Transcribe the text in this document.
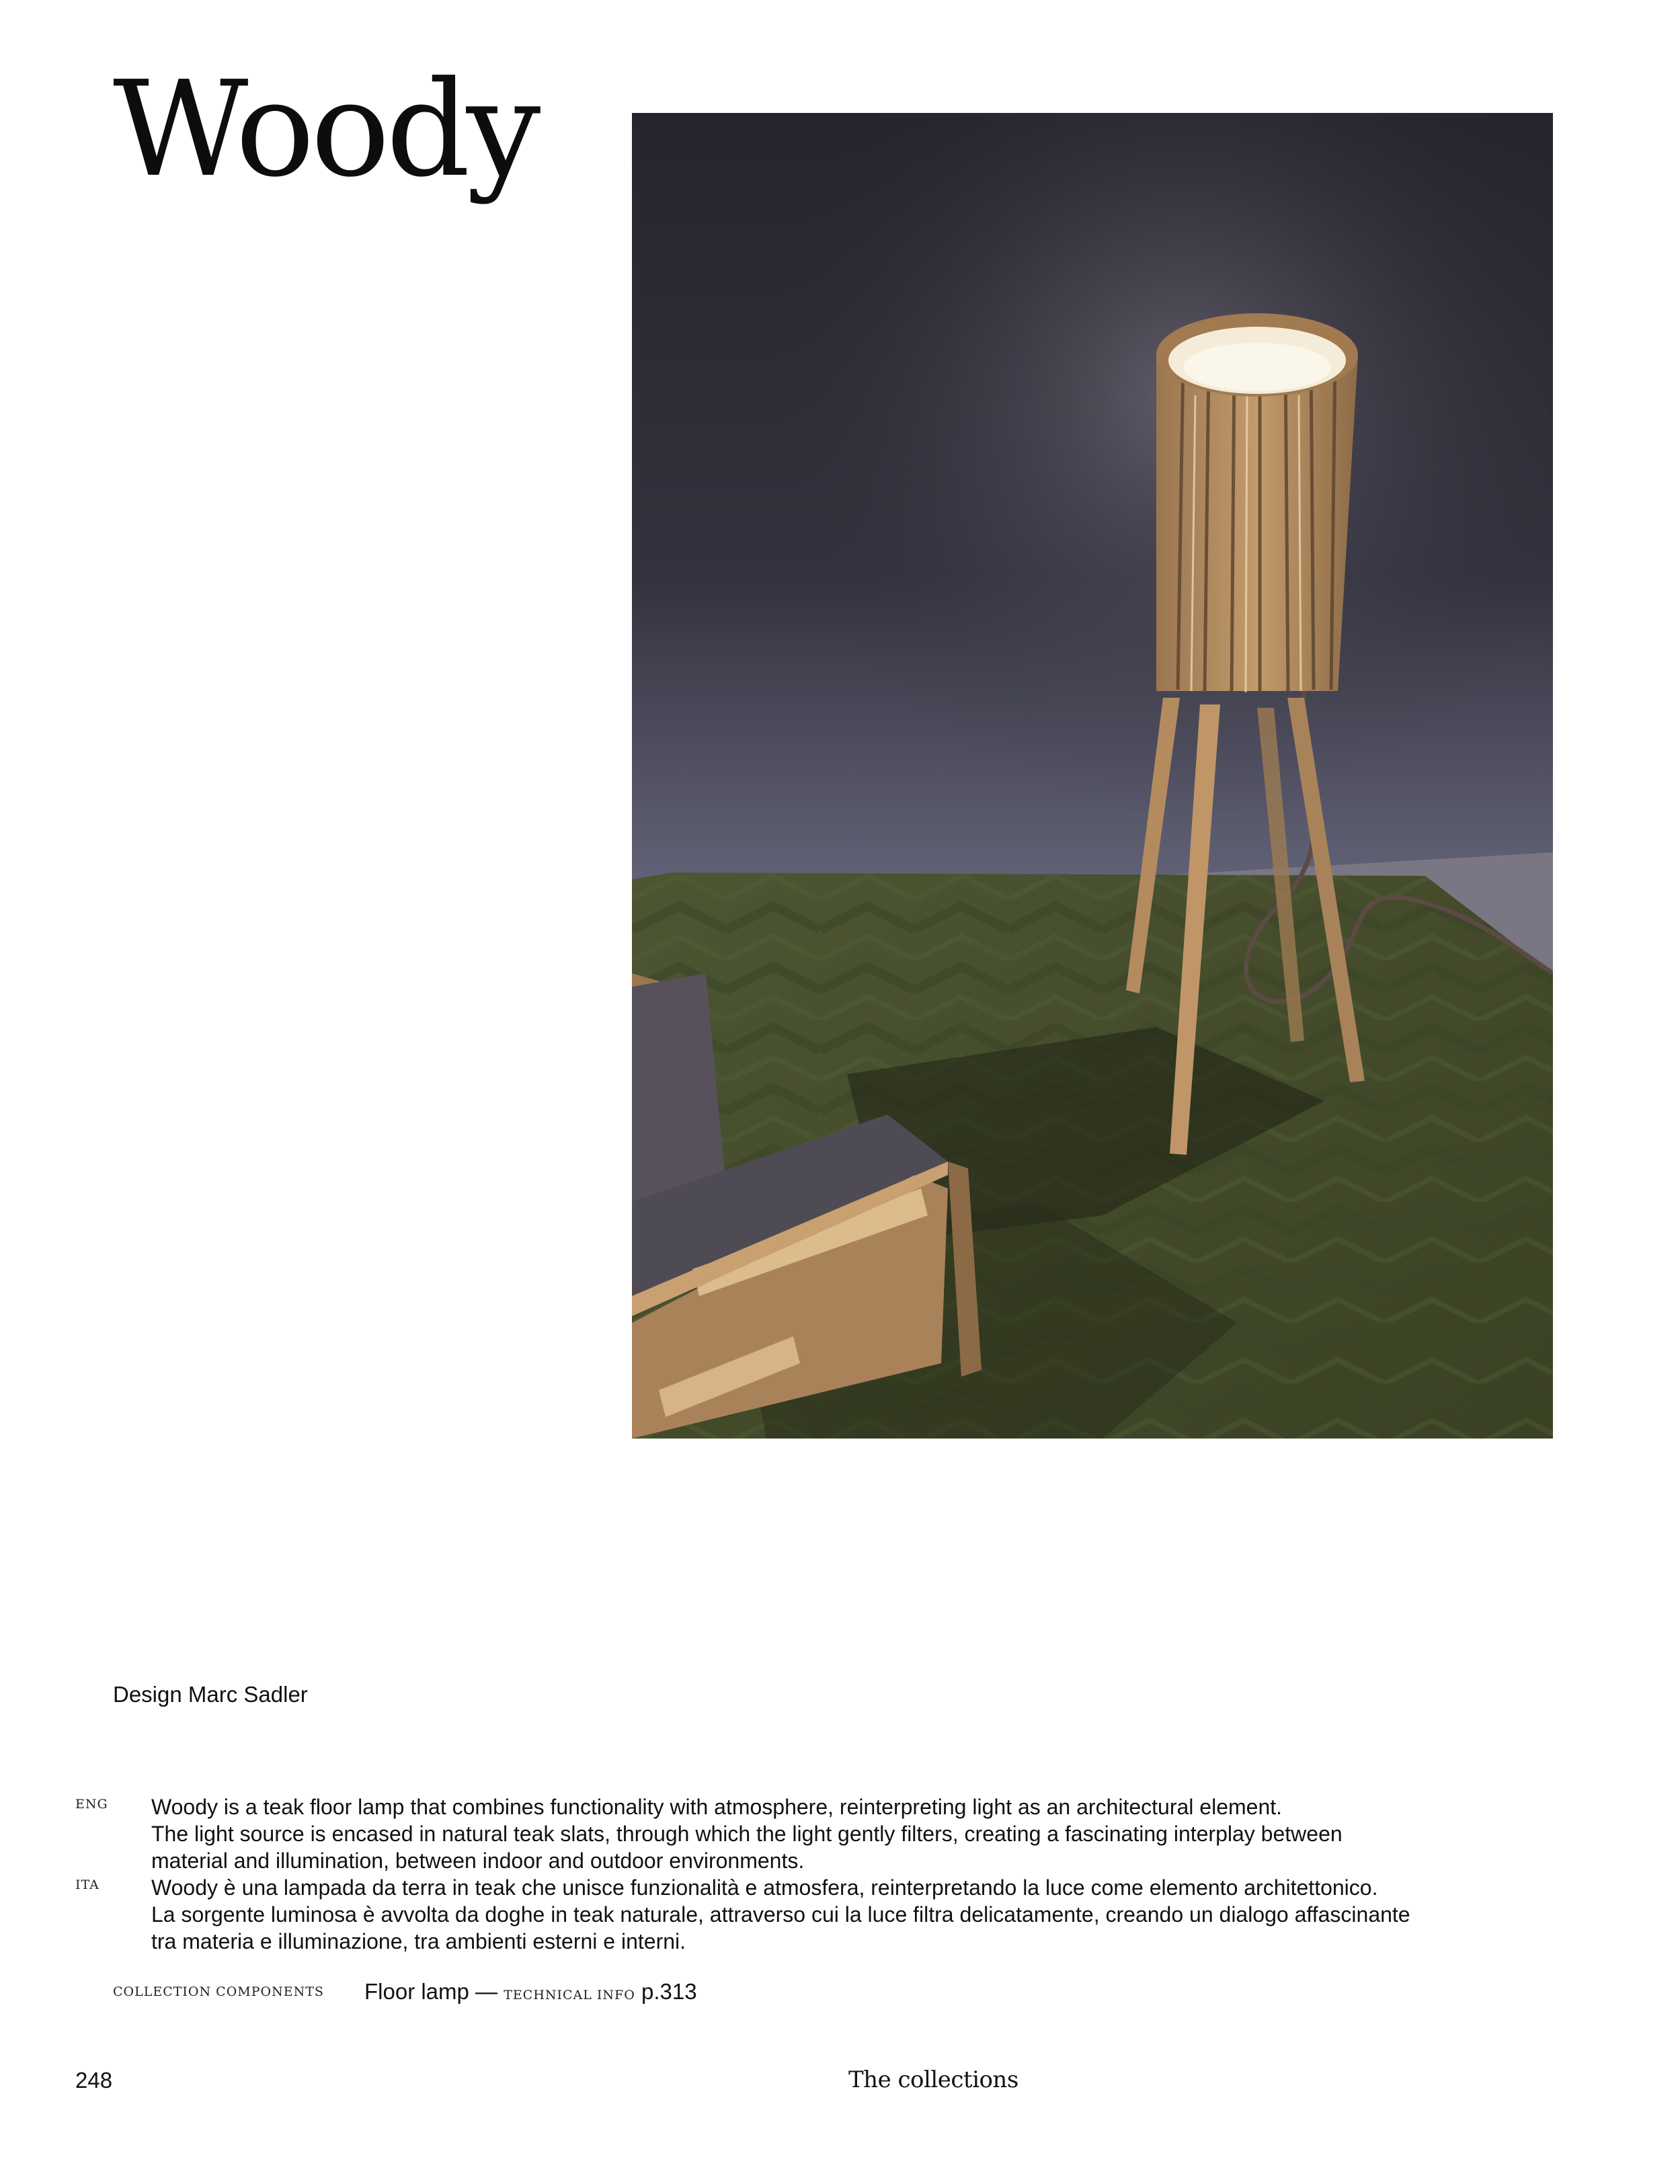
Woody
Design Marc Sadler
ENG Woody is a teak floor lamp that combines functionality with atmosphere, reinterpreting light as an architectural element.
The light source is encased in natural teak slats, through which the light gently filters, creating a fascinating interplay between
material and illumination, between indoor and outdoor environments.

ITA Woody è una lampada da terra in teak che unisce funzionalità e atmosfera, reinterpretando la luce come elemento architettonico.
La sorgente luminosa è avvolta da doghe in teak naturale, attraverso cui la luce filtra delicatamente, creando un dialogo affascinante
tra materia e illuminazione, tra ambienti esterni e interni.

COLLECTION COMPONENTS Floor lamp — TECHNICAL INFO p.313
248	The collections
